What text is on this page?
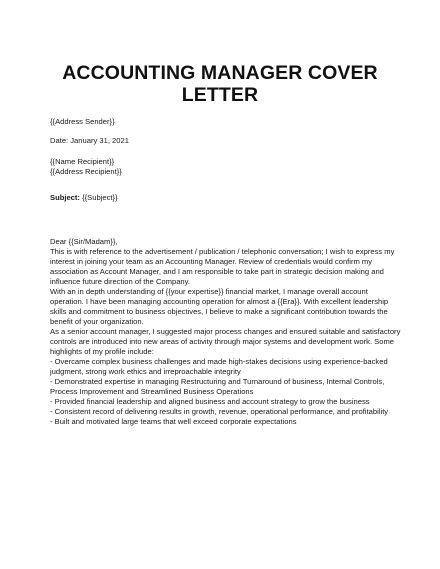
ACCOUNTING MANAGER COVER LETTER

{{Address Sender}}

Date: January 31, 2021

{{Name Recipient}}

{{Address Recipient}}

Subject: {{Subject}}

Dear {{Sir/Madam}},

This is with reference to the advertisement / publication / telephonic conversation; I wish to express my
interest in joining your team as an Accounting Manager. Review of credentials would confirm my
association as Account Manager, and I am responsible to take part in strategic decision making and
influence future direction of the Company.
With an in depth understanding of {{your expertise}} financial market, I manage overall account
operation. I have been managing accounting operation for almost a {{Era}}. With excellent leadership
skills and commitment to business objectives, I believe to make a significant contribution towards the
benefit of your organization.
As a senior account manager, I suggested major process changes and ensured suitable and satisfactory
controls are introduced into new areas of activity through major systems and development work. Some
highlights of my profile include:
- Overcame complex business challenges and made high-stakes decisions using experience-backed
judgment, strong work ethics and irreproachable integrity
- Demonstrated expertise in managing Restructuring and Turnaround of business, Internal Controls,
Process Improvement and Streamlined Business Operations
- Provided financial leadership and aligned business and account strategy to grow the business
- Consistent record of delivering results in growth, revenue, operational performance, and profitability
- Built and motivated large teams that well exceed corporate expectations
